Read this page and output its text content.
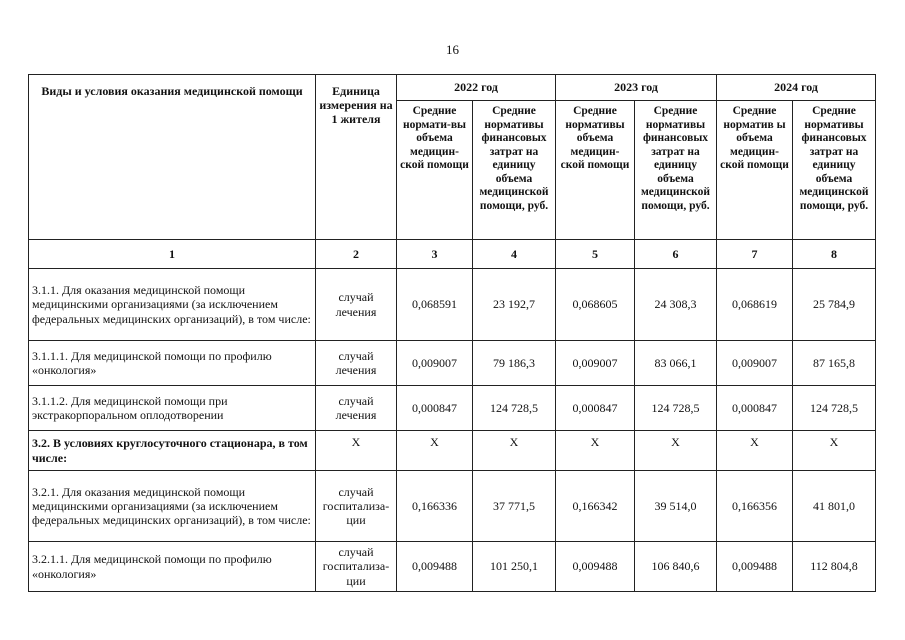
16
Виды и условия оказания медицинской помощи	Единица измерения на 1 жителя	2022 год		2023 год		2024 год	
		Средние нормати-вы объема медицин-ской помощи	Средние нормативы финансовых затрат на единицу объема медицинской помощи, руб.	Средние нормативы объема медицин-ской помощи	Средние нормативы финансовых затрат на единицу объема медицинской помощи, руб.	Средние норматив ы объема медицин-ской помощи	Средние нормативы финансовых затрат на единицу объема медицинской помощи, руб.
1	2	3	4	5	6	7	8
3.1.1. Для оказания медицинской помощи медицинскими организациями (за исключением федеральных медицинских организаций), в том числе:	случай лечения	0,068591	23 192,7	0,068605	24 308,3	0,068619	25 784,9
3.1.1.1. Для медицинской помощи по профилю «онкология»	случай лечения	0,009007	79 186,3	0,009007	83 066,1	0,009007	87 165,8
3.1.1.2. Для медицинской помощи при экстракорпоральном оплодотворении	случай лечения	0,000847	124 728,5	0,000847	124 728,5	0,000847	124 728,5
3.2. В условиях круглосуточного стационара, в том числе:	Х	Х	Х	Х	Х	Х	Х
3.2.1. Для оказания медицинской помощи медицинскими организациями (за исключением федеральных медицинских организаций), в том числе:	случай госпитализа-ции	0,166336	37 771,5	0,166342	39 514,0	0,166356	41 801,0
3.2.1.1. Для медицинской помощи по профилю «онкология»	случай госпитализа-ции	0,009488	101 250,1	0,009488	106 840,6	0,009488	112 804,8
